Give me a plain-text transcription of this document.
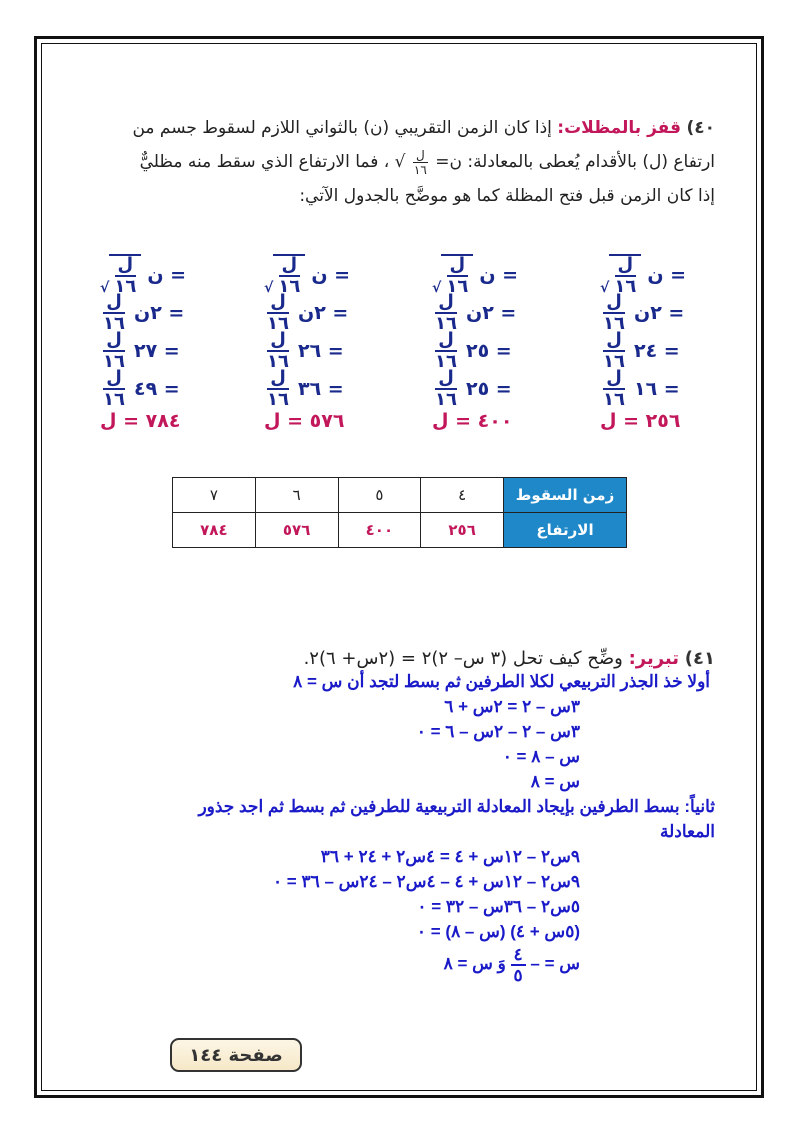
٤٠) قفز بالمظلات: إذا كان الزمن التقريبي (ن) بالثواني اللازم لسقوط جسم من
ارتفاع (ل) بالأقدام يُعطى بالمعادلة: ن=
$\frac{\text{ل}}{١٦}$
√ ، فما الارتفاع الذي سقط منه مظليٌّ
إذا كان الزمن قبل فتح المظلة كما هو موضَّح بالجدول الآتي:
= ن
$\frac{\text{ل}}{١٦}$
√
= ٢ن
$\frac{\text{ل}}{١٦}$
= ٢٤
$\frac{\text{ل}}{١٦}$
= ١٦
$\frac{\text{ل}}{١٦}$
٢٥٦ = ل
= ن
$\frac{\text{ل}}{١٦}$
√
= ٢ن
$\frac{\text{ل}}{١٦}$
= ٢٥
$\frac{\text{ل}}{١٦}$
= ٢٥
$\frac{\text{ل}}{١٦}$
٤٠٠ = ل
= ن
$\frac{\text{ل}}{١٦}$
√
= ٢ن
$\frac{\text{ل}}{١٦}$
= ٢٦
$\frac{\text{ل}}{١٦}$
= ٣٦
$\frac{\text{ل}}{١٦}$
٥٧٦ = ل
= ن
$\frac{\text{ل}}{١٦}$
√
= ٢ن
$\frac{\text{ل}}{١٦}$
= ٢٧
$\frac{\text{ل}}{١٦}$
= ٤٩
$\frac{\text{ل}}{١٦}$
٧٨٤ = ل
زمن السقوط	٤	٥	٦	٧
الارتفاع	٢٥٦	٤٠٠	٥٧٦	٧٨٤
٤١) تبرير: وضِّح كيف تحل (٣ س– ٢)٢ = (٢س+ ٦)٢.
أولا خذ الجذر التربيعي لكلا الطرفين ثم بسط لتجد أن س = ٨
٣س – ٢ = ٢س + ٦
٣س – ٢ – ٢س – ٦ = ٠
س – ٨ = ٠
س = ٨
ثانياً: بسط الطرفين بإيجاد المعادلة التربيعية للطرفين ثم بسط ثم اجد جذور
المعادلة
٩س٢ – ١٢س + ٤ = ٤س٢ + ٢٤ + ٣٦
٩س٢ – ١٢س + ٤ – ٤س٢ – ٢٤س – ٣٦ = ٠
٥س٢ – ٣٦س – ٣٢ = ٠
(٥س + ٤) (س – ٨) = ٠
س = –
$\frac{٤}{٥}$
وَ س = ٨
صفحة ١٤٤
